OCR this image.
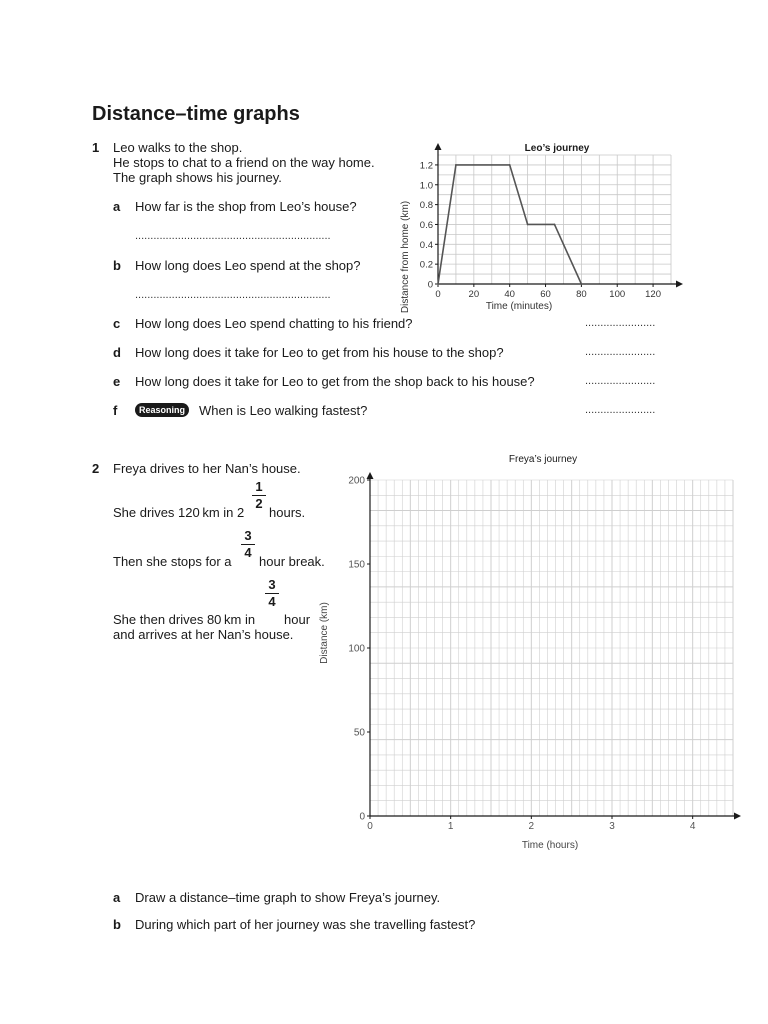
Distance–time graphs
1 Leo walks to the shop.
He stops to chat to a friend on the way home.
The graph shows his journey.
a How far is the shop from Leo’s house?
................................................................
b How long does Leo spend at the shop?
................................................................
c How long does Leo spend chatting to his friend?	.......................
d How long does it take for Leo to get from his house to the shop?	.......................
e How long does it take for Leo to get from the shop back to his house?	.......................
f	Reasoning	When is Leo walking fastest?	.......................
Leo’s journey
0	20	40	60	80 100 120
0
0.2
0.4
0.6
0.8
1.0
1.2
Time (minutes)
Distance from home (km)
2 Freya drives to her Nan’s house.
She drives 120 km in 2
1
2
hours.
Then she stops for a
3
4
hour break.
3
4
She then drives 80 km in hour
and arrives at her Nan’s house.
Freya’s journey
0	1	2	3	4
0
50
100
150
200
Time (hours)
Distance (km)
a Draw a distance–time graph to show Freya’s journey.
b During which part of her journey was she travelling fastest?
